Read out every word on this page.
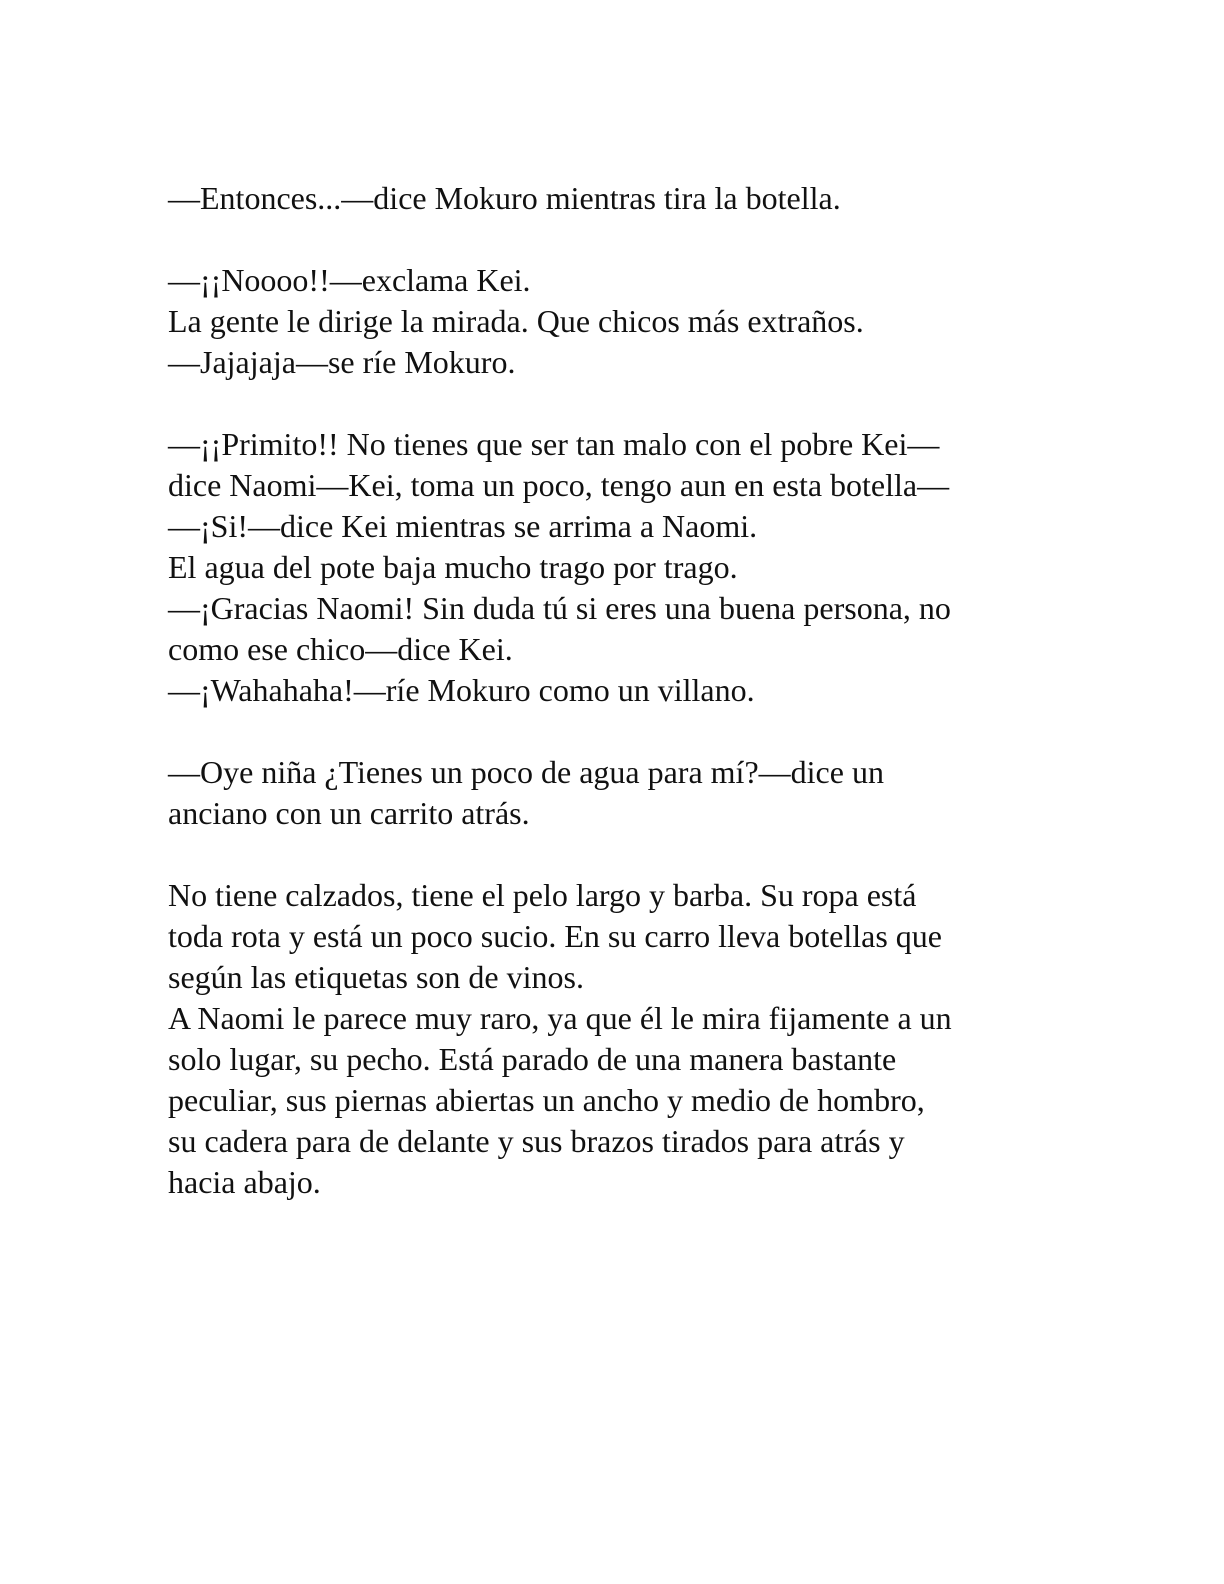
—Entonces...—dice Mokuro mientras tira la botella.

—¡¡Noooo!!—exclama Kei.
La gente le dirige la mirada. Que chicos más extraños.
—Jajajaja—se ríe Mokuro.

—¡¡Primito!! No tienes que ser tan malo con el pobre Kei—
dice Naomi—Kei, toma un poco, tengo aun en esta botella—
—¡Si!—dice Kei mientras se arrima a Naomi.
El agua del pote baja mucho trago por trago.
—¡Gracias Naomi! Sin duda tú si eres una buena persona, no
como ese chico—dice Kei.
—¡Wahahaha!—ríe Mokuro como un villano.

—Oye niña ¿Tienes un poco de agua para mí?—dice un
anciano con un carrito atrás.

No tiene calzados, tiene el pelo largo y barba. Su ropa está
toda rota y está un poco sucio. En su carro lleva botellas que
según las etiquetas son de vinos.
A Naomi le parece muy raro, ya que él le mira fijamente a un
solo lugar, su pecho. Está parado de una manera bastante
peculiar, sus piernas abiertas un ancho y medio de hombro,
su cadera para de delante y sus brazos tirados para atrás y
hacia abajo.
